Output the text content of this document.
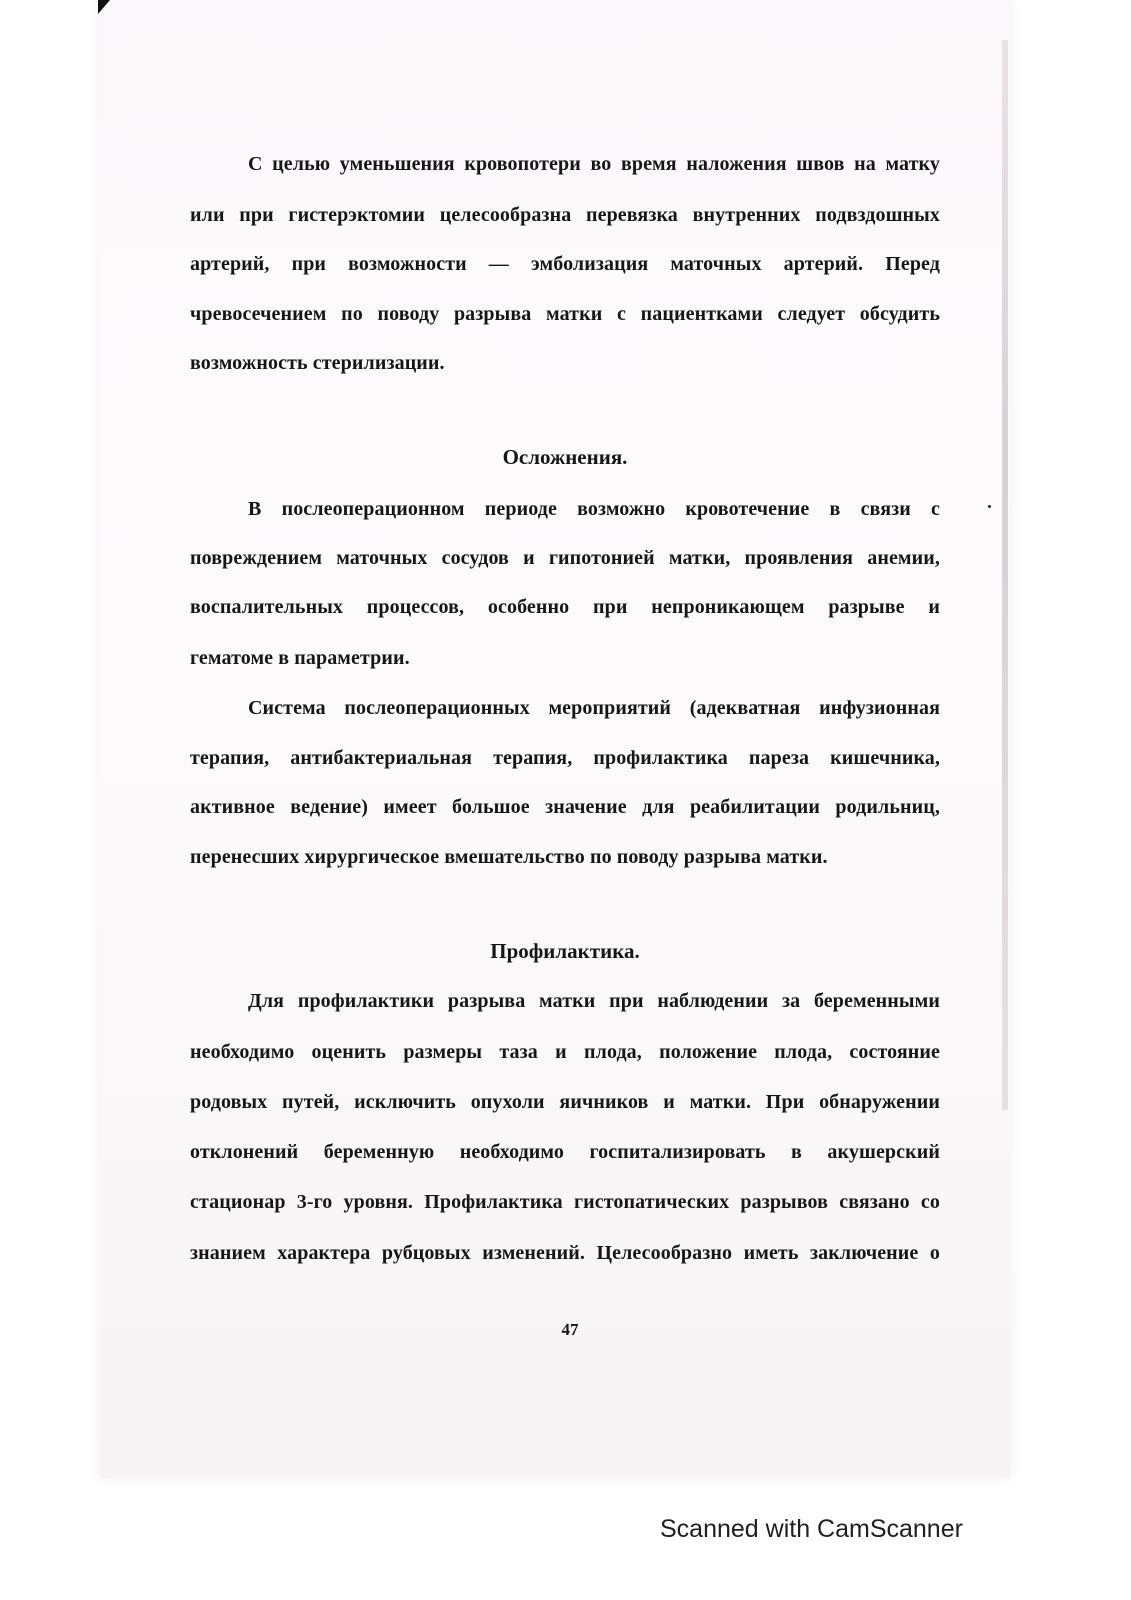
С целью уменьшения кровопотери во время наложения швов на матку
или при гистерэктомии целесообразна перевязка внутренних подвздошных
артерий, при возможности — эмболизация маточных артерий. Перед
чревосечением по поводу разрыва матки с пациентками следует обсудить
возможность стерилизации.
Осложнения.
В послеоперационном периоде возможно кровотечение в связи с
повреждением маточных сосудов и гипотонией матки, проявления анемии,
воспалительных процессов, особенно при непроникающем разрыве и
гематоме в параметрии.
Система послеоперационных мероприятий (адекватная инфузионная
терапия, антибактериальная терапия, профилактика пареза кишечника,
активное ведение) имеет большое значение для реабилитации родильниц,
перенесших хирургическое вмешательство по поводу разрыва матки.
Профилактика.
Для профилактики разрыва матки при наблюдении за беременными
необходимо оценить размеры таза и плода, положение плода, состояние
родовых путей, исключить опухоли яичников и матки. При обнаружении
отклонений беременную необходимо госпитализировать в акушерский
стационар 3-го уровня. Профилактика гистопатических разрывов связано со
знанием характера рубцовых изменений. Целесообразно иметь заключение о
47
Scanned with CamScanner
